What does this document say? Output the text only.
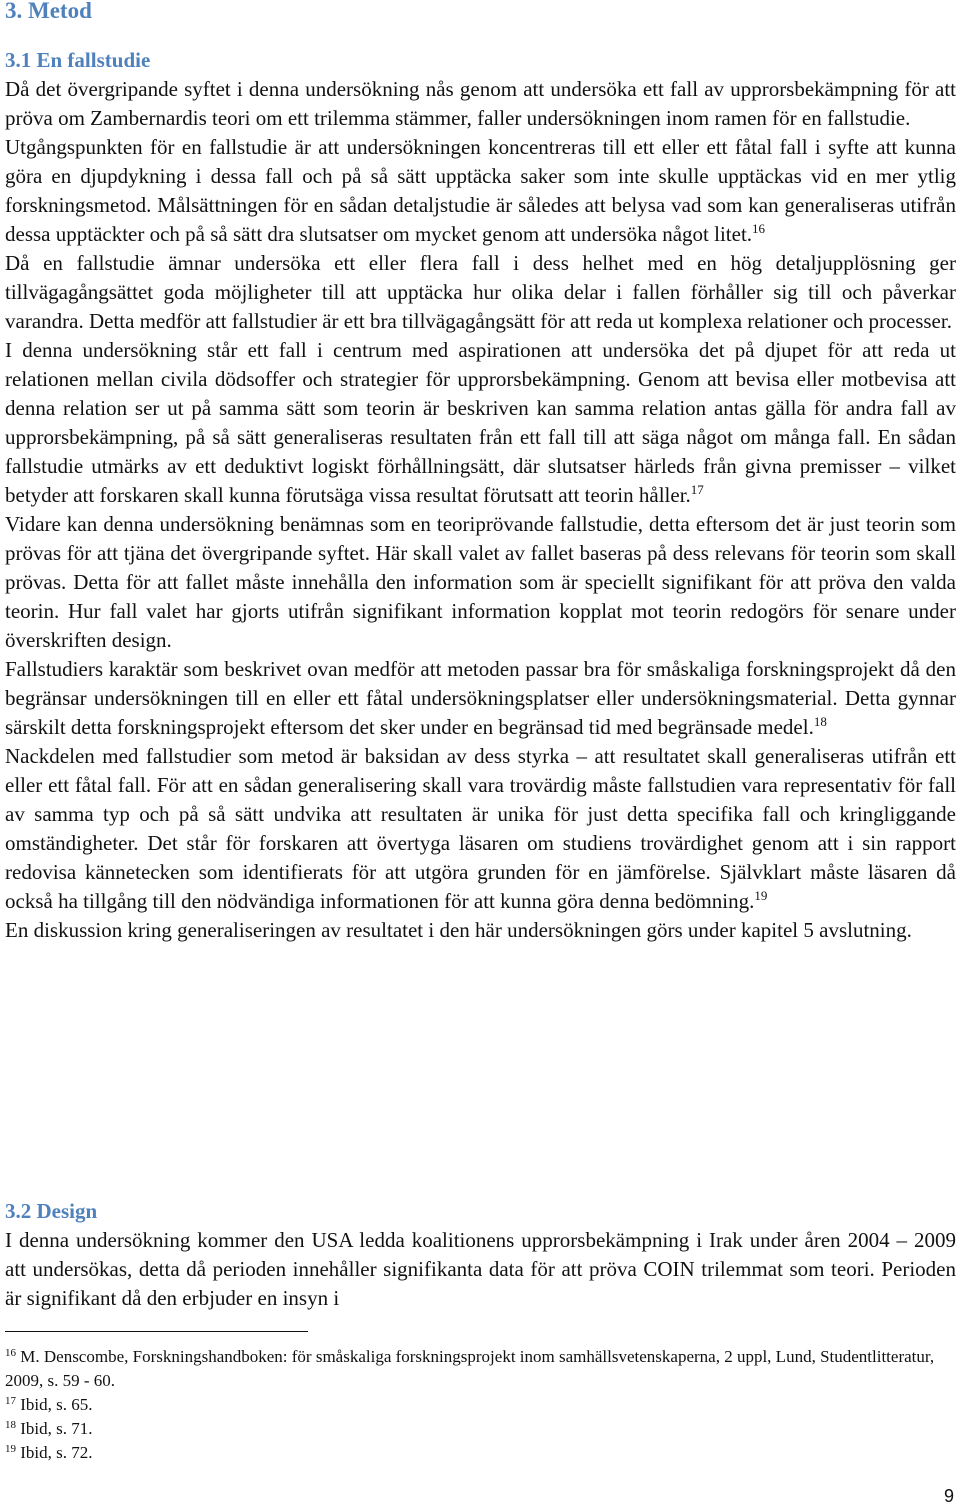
3. Metod
3.1 En fallstudie

Då det övergripande syftet i denna undersökning nås genom att undersöka ett fall av upprorsbekämpning för att pröva om Zambernardis teori om ett trilemma stämmer, faller undersökningen inom ramen för en fallstudie.

Utgångspunkten för en fallstudie är att undersökningen koncentreras till ett eller ett fåtal fall i syfte att kunna göra en djupdykning i dessa fall och på så sätt upptäcka saker som inte skulle upptäckas vid en mer ytlig forskningsmetod. Målsättningen för en sådan detaljstudie är således att belysa vad som kan generaliseras utifrån dessa upptäckter och på så sätt dra slutsatser om mycket genom att undersöka något litet.$^{16}$

Då en fallstudie ämnar undersöka ett eller flera fall i dess helhet med en hög detaljupplösning ger tillvägagångsättet goda möjligheter till att upptäcka hur olika delar i fallen förhåller sig till och påverkar varandra. Detta medför att fallstudier är ett bra tillvägagångsätt för att reda ut komplexa relationer och processer.

I denna undersökning står ett fall i centrum med aspirationen att undersöka det på djupet för att reda ut relationen mellan civila dödsoffer och strategier för upprorsbekämpning. Genom att bevisa eller motbevisa att denna relation ser ut på samma sätt som teorin är beskriven kan samma relation antas gälla för andra fall av upprorsbekämpning, på så sätt generaliseras resultaten från ett fall till att säga något om många fall. En sådan fallstudie utmärks av ett deduktivt logiskt förhållningsätt, där slutsatser härleds från givna premisser – vilket betyder att forskaren skall kunna förutsäga vissa resultat förutsatt att teorin håller.$^{17}$

Vidare kan denna undersökning benämnas som en teoriprövande fallstudie, detta eftersom det är just teorin som prövas för att tjäna det övergripande syftet. Här skall valet av fallet baseras på dess relevans för teorin som skall prövas. Detta för att fallet måste innehålla den information som är speciellt signifikant för att pröva den valda teorin. Hur fall valet har gjorts utifrån signifikant information kopplat mot teorin redogörs för senare under överskriften design.

Fallstudiers karaktär som beskrivet ovan medför att metoden passar bra för småskaliga forskningsprojekt då den begränsar undersökningen till en eller ett fåtal undersökningsplatser eller undersökningsmaterial. Detta gynnar särskilt detta forskningsprojekt eftersom det sker under en begränsad tid med begränsade medel.$^{18}$

Nackdelen med fallstudier som metod är baksidan av dess styrka – att resultatet skall generaliseras utifrån ett eller ett fåtal fall. För att en sådan generalisering skall vara trovärdig måste fallstudien vara representativ för fall av samma typ och på så sätt undvika att resultaten är unika för just detta specifika fall och kringliggande omständigheter. Det står för forskaren att övertyga läsaren om studiens trovärdighet genom att i sin rapport redovisa kännetecken som identifierats för att utgöra grunden för en jämförelse. Självklart måste läsaren då också ha tillgång till den nödvändiga informationen för att kunna göra denna bedömning.$^{19}$

En diskussion kring generaliseringen av resultatet i den här undersökningen görs under kapitel 5 avslutning.

3.2 Design

I denna undersökning kommer den USA ledda koalitionens upprorsbekämpning i Irak under åren 2004 – 2009 att undersökas, detta då perioden innehåller signifikanta data för att pröva COIN trilemmat som teori. Perioden är signifikant då den erbjuder en insyn i

$^{16}$ M. Denscombe, Forskningshandboken: för småskaliga forskningsprojekt inom samhällsvetenskaperna, 2 uppl, Lund, Studentlitteratur, 2009, s. 59 - 60.

$^{17}$ Ibid, s. 65.

$^{18}$ Ibid, s. 71.

$^{19}$ Ibid, s. 72.

9
